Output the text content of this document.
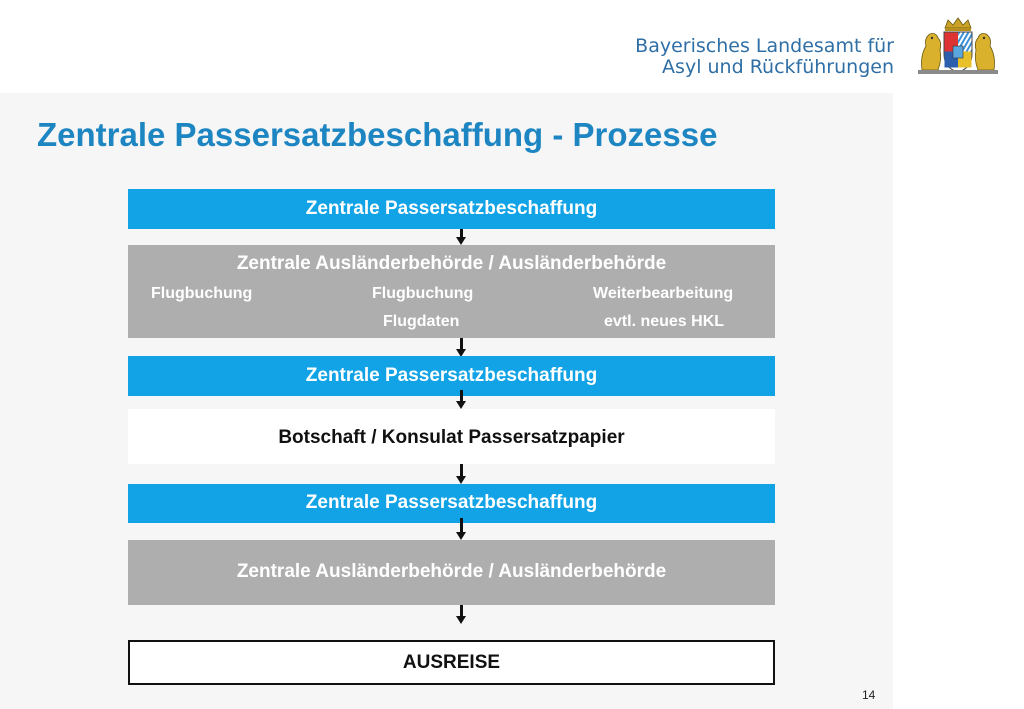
Bayerisches Landesamt für
Asyl und Rückführungen
Zentrale Passersatzbeschaffung - Prozesse
Zentrale Passersatzbeschaffung
Zentrale Ausländerbehörde / Ausländerbehörde
Flugbuchung	Flugbuchung
Flugdaten
Weiterbearbeitung
evtl. neues HKL
Zentrale Passersatzbeschaffung
Botschaft / Konsulat Passersatzpapier
Zentrale Passersatzbeschaffung
Zentrale Ausländerbehörde / Ausländerbehörde
AUSREISE
14
